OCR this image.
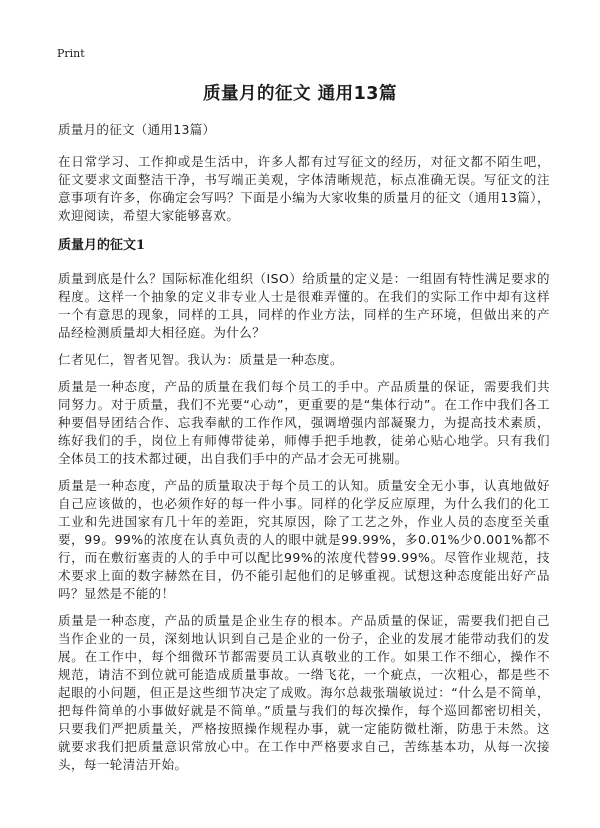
Print
质量月的征文 通用13篇

质量月的征文（通用13篇）

在日常学习、工作抑或是生活中，许多人都有过写征文的经历，对征文都不陌生吧，征文要求文面整洁干净，书写端正美观，字体清晰规范，标点准确无误。写征文的注意事项有许多，你确定会写吗？下面是小编为大家收集的质量月的征文（通用13篇），欢迎阅读，希望大家能够喜欢。

质量月的征文1

质量到底是什么？国际标准化组织（ISO）给质量的定义是：一组固有特性满足要求的程度。这样一个抽象的定义非专业人士是很难弄懂的。在我们的实际工作中却有这样一个有意思的现象，同样的工具，同样的作业方法，同样的生产环境，但做出来的产品经检测质量却大相径庭。为什么？

仁者见仁，智者见智。我认为：质量是一种态度。

质量是一种态度，产品的质量在我们每个员工的手中。产品质量的保证，需要我们共同努力。对于质量，我们不光要“心动”，更重要的是“集体行动”。在工作中我们各工种要倡导团结合作、忘我奉献的工作作风，强调增强内部凝聚力，为提高技术素质，练好我们的手，岗位上有师傅带徒弟，师傅手把手地教，徒弟心贴心地学。只有我们全体员工的技术都过硬，出自我们手中的产品才会无可挑剔。

质量是一种态度，产品的质量取决于每个员工的认知。质量安全无小事，认真地做好自己应该做的，也必须作好的每一件小事。同样的化学反应原理，为什么我们的化工工业和先进国家有几十年的差距，究其原因，除了工艺之外，作业人员的态度至关重要，99。99%的浓度在认真负责的人的眼中就是99.99%，多0.01%少0.001%都不行，而在敷衍塞责的人的手中可以配比99%的浓度代替99.99%。尽管作业规范，技术要求上面的数字赫然在目，仍不能引起他们的足够重视。试想这种态度能出好产品吗？显然是不能的！

质量是一种态度，产品的质量是企业生存的根本。产品质量的保证，需要我们把自己当作企业的一员，深刻地认识到自己是企业的一份子，企业的发展才能带动我们的发展。在工作中，每个细微环节都需要员工认真敬业的工作。如果工作不细心，操作不规范，请洁不到位就可能造成质量事故。一绺飞花，一个疵点，一次粗心，都是些不起眼的小问题，但正是这些细节决定了成败。海尔总裁张瑞敏说过：“什么是不简单，把每件简单的小事做好就是不简单。”质量与我们的每次操作，每个巡回都密切相关，只要我们严把质量关，严格按照操作规程办事，就一定能防微杜渐，防患于未然。这就要求我们把质量意识常放心中。在工作中严格要求自己，苦练基本功，从每一次接头，每一轮清洁开始。
